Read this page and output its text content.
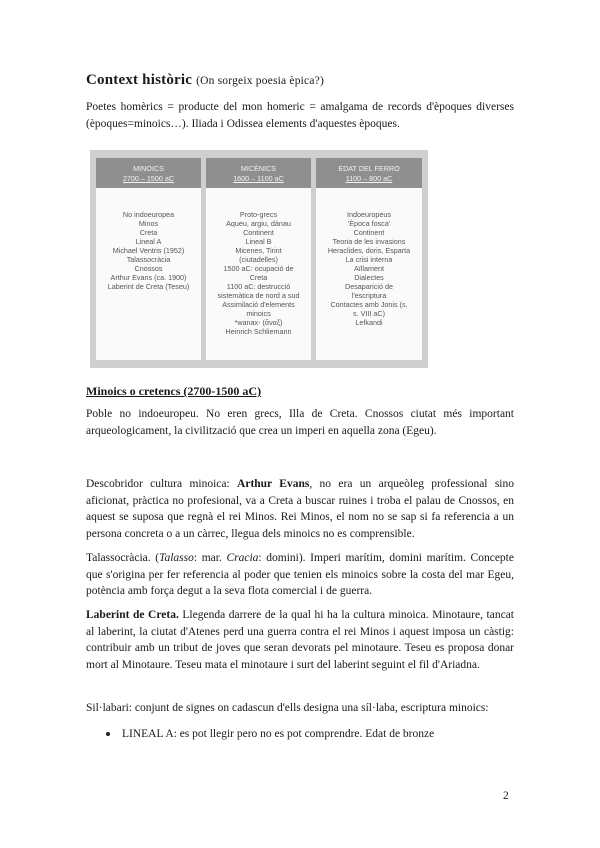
Context històric (On sorgeix poesia èpica?)

Poetes homèrics = producte del mon homeric = amalgama de records d'èpoques diverses (èpoques=minoics…). Iliada i Odissea elements d'aquestes èpoques.

MINOICS
2700 – 1500 aC
No indoeuropea
Minos
Creta
Lineal A
Michael Ventris (1952)
Talassocràcia
Cnossos
Arthur Evans (ca. 1900)
Laberint de Creta (Teseu)
MICÈNICS
1600 – 1100 aC
Proto-grecs
Aqueu, argiu, dànau
Continent
Lineal B
Micenes, Tirint
(ciutadelles)
1500 aC: ocupació de
Creta
1100 aC: destrucció
sistemàtica de nord a sud
Assimilació d'elements
minoics
*wanax- (ἄναξ)
Heinrich Schliemann
EDAT DEL FERRO
1100 – 800 aC
Indoeuropeus
'Època fosca'
Continent
Teoria de les invasions
Heraclides, doris, Esparta
La crisi interna
Aïllament
Dialectes
Desaparició de
l'escriptura
Contactes amb Jonis (s.
s. VIII aC)
Lefkandi
Minoics o cretencs (2700-1500 aC)

Poble no indoeuropeu. No eren grecs, Illa de Creta. Cnossos ciutat més important arqueologicament, la civilització que crea un imperi en aquella zona (Egeu).

Descobridor cultura minoica: Arthur Evans, no era un arqueòleg professional sino aficionat, pràctica no profesional, va a Creta a buscar ruines i troba el palau de Cnossos, en aquest se suposa que regnà el rei Minos. Rei Minos, el nom no se sap si fa referencia a un persona concreta o a un càrrec, llegua dels minoics no es comprensible.

Talassocràcia. (Talasso: mar. Cracia: domini). Imperi marítim, domini marítim. Concepte que s'origina per fer referencia al poder que tenien els minoics sobre la costa del mar Egeu, potència amb força degut a la seva flota comercial i de guerra.

Laberint de Creta. Llegenda darrere de la qual hi ha la cultura minoica. Minotaure, tancat al laberint, la ciutat d'Atenes perd una guerra contra el rei Minos i aquest imposa un càstig: contribuir amb un tribut de joves que seran devorats pel minotaure. Teseu es proposa donar mort al Minotaure. Teseu mata el minotaure i surt del laberint seguint el fil d'Ariadna.

Sil·labari: conjunt de signes on cadascun d'ells designa una síl·laba, escriptura minoics:

LINEAL A: es pot llegir pero no es pot comprendre. Edat de bronze
2
